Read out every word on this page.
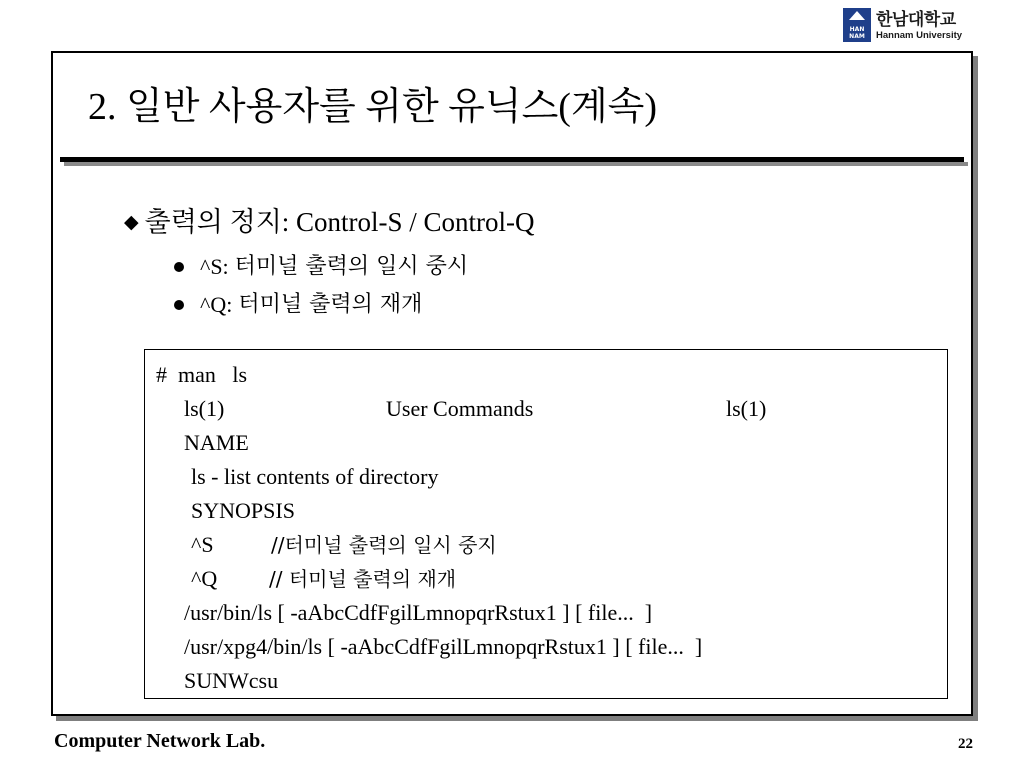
HAN NAM
한남대학교
Hannam University
2. 일반 사용자를 위한 유닉스(계속)
◆ 출력의 정지: Control-S / Control-Q
^S: 터미널 출력의 일시 중시
^Q: 터미널 출력의 재개
#  man   ls
ls(1)	User Commands	ls(1)
NAME
ls - list contents of directory
SYNOPSIS
^S	//터미널 출력의 일시 중지
^Q	// 터미널 출력의 재개
/usr/bin/ls [ -aAbcCdfFgilLmnopqrRstux1 ] [ file...  ]
/usr/xpg4/bin/ls [ -aAbcCdfFgilLmnopqrRstux1 ] [ file...  ]
SUNWcsu
Computer Network Lab.	22
